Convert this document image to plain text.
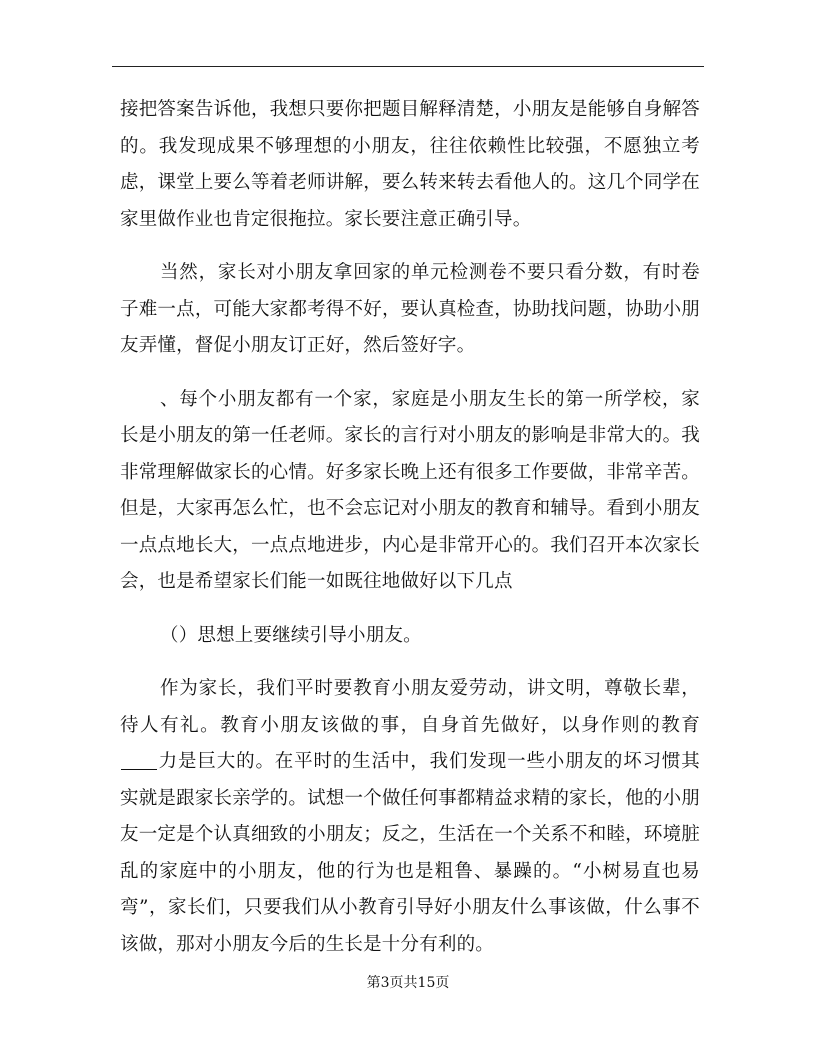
接把答案告诉他，我想只要你把题目解释清楚，小朋友是能够自身解答的。我发现成果不够理想的小朋友，往往依赖性比较强，不愿独立考虑，课堂上要么等着老师讲解，要么转来转去看他人的。这几个同学在家里做作业也肯定很拖拉。家长要注意正确引导。

当然，家长对小朋友拿回家的单元检测卷不要只看分数，有时卷子难一点，可能大家都考得不好，要认真检查，协助找问题，协助小朋友弄懂，督促小朋友订正好，然后签好字。

、每个小朋友都有一个家，家庭是小朋友生长的第一所学校，家长是小朋友的第一任老师。家长的言行对小朋友的影响是非常大的。我非常理解做家长的心情。好多家长晚上还有很多工作要做，非常辛苦。但是，大家再怎么忙，也不会忘记对小朋友的教育和辅导。看到小朋友一点点地长大，一点点地进步，内心是非常开心的。我们召开本次家长会，也是希望家长们能一如既往地做好以下几点

（）思想上要继续引导小朋友。

作为家长，我们平时要教育小朋友爱劳动，讲文明，尊敬长辈，待人有礼。教育小朋友该做的事，自身首先做好，以身作则的教育力是巨大的。在平时的生活中，我们发现一些小朋友的坏习惯其实就是跟家长亲学的。试想一个做任何事都精益求精的家长，他的小朋友一定是个认真细致的小朋友；反之，生活在一个关系不和睦，环境脏乱的家庭中的小朋友，他的行为也是粗鲁、暴躁的。“小树易直也易弯”，家长们，只要我们从小教育引导好小朋友什么事该做，什么事不该做，那对小朋友今后的生长是十分有利的。

第3页共15页
